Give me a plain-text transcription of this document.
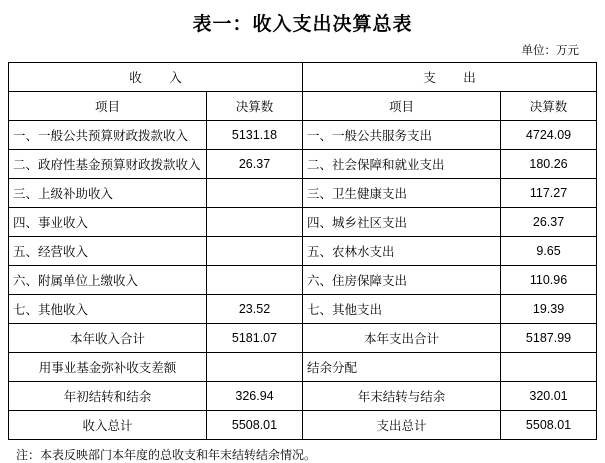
表一：收入支出决算总表
单位：万元
收 入		支 出	
项目	决算数	项目	决算数
一、一般公共预算财政拨款收入	5131.18	一、一般公共服务支出	4724.09
二、政府性基金预算财政拨款收入	26.37	二、社会保障和就业支出	180.26
三、上级补助收入		三、卫生健康支出	117.27
四、事业收入		四、城乡社区支出	26.37
五、经营收入		五、农林水支出	9.65
六、附属单位上缴收入		六、住房保障支出	110.96
七、其他收入	23.52	七、其他支出	19.39
本年收入合计	5181.07	本年支出合计	5187.99
用事业基金弥补收支差额		结余分配	
年初结转和结余	326.94	年末结转与结余	320.01
收入总计	5508.01	支出总计	5508.01
注：本表反映部门本年度的总收支和年末结转结余情况。
